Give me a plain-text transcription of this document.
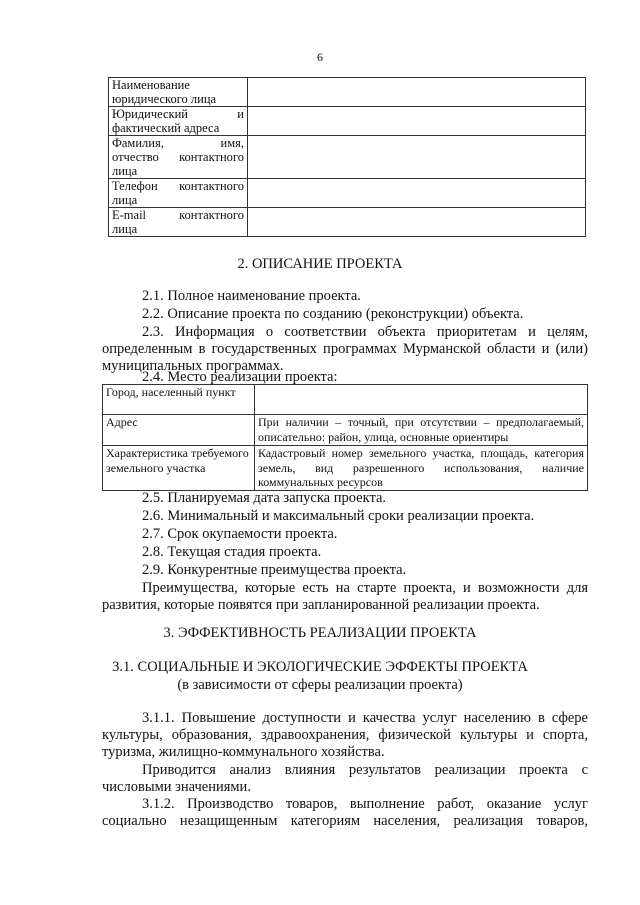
6
Наименование
юридического лица	

Юридический и
фактический адреса	

Фамилия, имя,
отчество контактного
лица	

Телефон контактного
лица	

E-mail контактного
лица	

2. ОПИСАНИЕ ПРОЕКТА
2.1. Полное наименование проекта.
2.2. Описание проекта по созданию (реконструкции) объекта.
2.3. Информация о соответствии объекта приоритетам и целям,
определенным в государственных программах Мурманской области и (или)
муниципальных программах.
2.4. Место реализации проекта:
Город, населенный пункт	
Адрес	При наличии – точный, при отсутствии – предполагаемый, описательно: район, улица, основные ориентиры
Характеристика требуемого земельного участка	Кадастровый номер земельного участка, площадь, категория земель, вид разрешенного использования, наличие коммунальных ресурсов
2.5. Планируемая дата запуска проекта.
2.6. Минимальный и максимальный сроки реализации проекта.
2.7. Срок окупаемости проекта.
2.8. Текущая стадия проекта.
2.9. Конкурентные преимущества проекта.
Преимущества, которые есть на старте проекта, и возможности для
развития, которые появятся при запланированной реализации проекта.
3. ЭФФЕКТИВНОСТЬ РЕАЛИЗАЦИИ ПРОЕКТА
3.1. СОЦИАЛЬНЫЕ И ЭКОЛОГИЧЕСКИЕ ЭФФЕКТЫ ПРОЕКТА
(в зависимости от сферы реализации проекта)
3.1.1. Повышение доступности и качества услуг населению в сфере
культуры, образования, здравоохранения, физической культуры и спорта,
туризма, жилищно-коммунального хозяйства.
Приводится анализ влияния результатов реализации проекта с
числовыми значениями.
3.1.2. Производство товаров, выполнение работ, оказание услуг
социально незащищенным категориям населения, реализация товаров,
